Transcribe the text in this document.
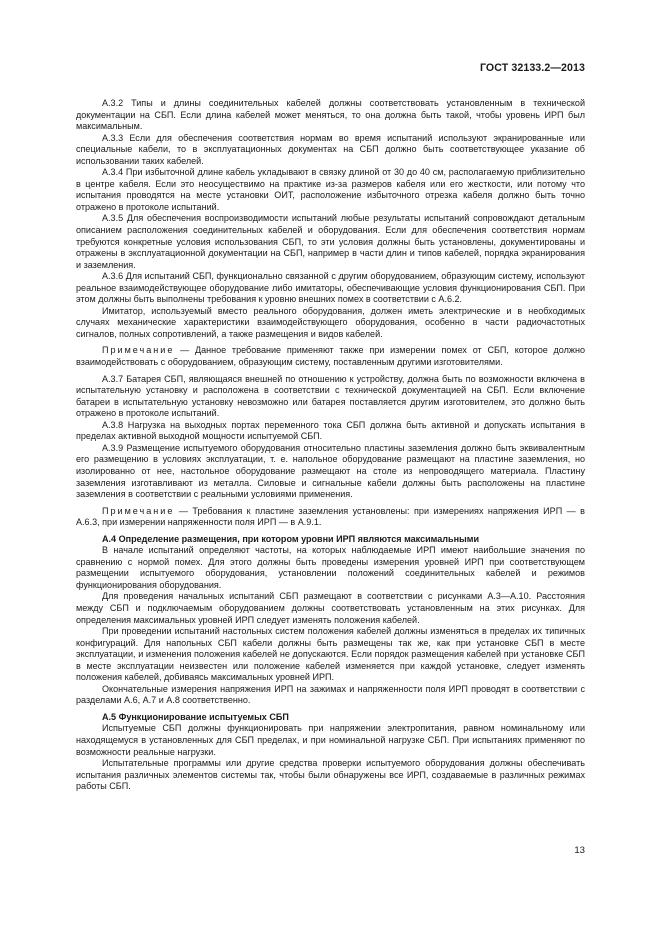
ГОСТ 32133.2—2013

А.3.2 Типы и длины соединительных кабелей должны соответствовать установленным в технической документации на СБП. Если длина кабелей может меняться, то она должна быть такой, чтобы уровень ИРП был максимальным.

А.3.3 Если для обеспечения соответствия нормам во время испытаний используют экранированные или специальные кабели, то в эксплуатационных документах на СБП должно быть соответствующее указание об использовании таких кабелей.

А.3.4 При избыточной длине кабель укладывают в связку длиной от 30 до 40 см, располагаемую приблизительно в центре кабеля. Если это неосуществимо на практике из-за размеров кабеля или его жесткости, или потому что испытания проводятся на месте установки ОИТ, расположение избыточного отрезка кабеля должно быть точно отражено в протоколе испытаний.

А.3.5 Для обеспечения воспроизводимости испытаний любые результаты испытаний сопровождают детальным описанием расположения соединительных кабелей и оборудования. Если для обеспечения соответствия нормам требуются конкретные условия использования СБП, то эти условия должны быть установлены, документированы и отражены в эксплуатационной документации на СБП, например в части длин и типов кабелей, порядка экранирования и заземления.

А.3.6 Для испытаний СБП, функционально связанной с другим оборудованием, образующим систему, используют реальное взаимодействующее оборудование либо имитаторы, обеспечивающие условия функционирования СБП. При этом должны быть выполнены требования к уровню внешних помех в соответствии с А.6.2.

Имитатор, используемый вместо реального оборудования, должен иметь электрические и в необходимых случаях механические характеристики взаимодействующего оборудования, особенно в части радиочастотных сигналов, полных сопротивлений, а также размещения и видов кабелей.

Примечание — Данное требование применяют также при измерении помех от СБП, которое должно взаимодействовать с оборудованием, образующим систему, поставленным другими изготовителями.

А.3.7 Батарея СБП, являющаяся внешней по отношению к устройству, должна быть по возможности включена в испытательную установку и расположена в соответствии с технической документацией на СБП. Если включение батареи в испытательную установку невозможно или батарея поставляется другим изготовителем, это должно быть отражено в протоколе испытаний.

А.3.8 Нагрузка на выходных портах переменного тока СБП должна быть активной и допускать испытания в пределах активной выходной мощности испытуемой СБП.

А.3.9 Размещение испытуемого оборудования относительно пластины заземления должно быть эквивалентным его размещению в условиях эксплуатации, т. е. напольное оборудование размещают на пластине заземления, но изолированно от нее, настольное оборудование размещают на столе из непроводящего материала. Пластину заземления изготавливают из металла. Силовые и сигнальные кабели должны быть расположены на пластине заземления в соответствии с реальными условиями применения.

Примечание — Требования к пластине заземления установлены: при измерениях напряжения ИРП — в А.6.3, при измерении напряженности поля ИРП — в А.9.1.

А.4 Определение размещения, при котором уровни ИРП являются максимальными

В начале испытаний определяют частоты, на которых наблюдаемые ИРП имеют наибольшие значения по сравнению с нормой помех. Для этого должны быть проведены измерения уровней ИРП при соответствующем размещении испытуемого оборудования, установлении положений соединительных кабелей и режимов функционирования оборудования.

Для проведения начальных испытаний СБП размещают в соответствии с рисунками А.3—А.10. Расстояния между СБП и подключаемым оборудованием должны соответствовать установленным на этих рисунках. Для определения максимальных уровней ИРП следует изменять положения кабелей.

При проведении испытаний настольных систем положения кабелей должны изменяться в пределах их типичных конфигураций. Для напольных СБП кабели должны быть размещены так же, как при установке СБП в месте эксплуатации, и изменения положения кабелей не допускаются. Если порядок размещения кабелей при установке СБП в месте эксплуатации неизвестен или положение кабелей изменяется при каждой установке, следует изменять положения кабелей, добиваясь максимальных уровней ИРП.

Окончательные измерения напряжения ИРП на зажимах и напряженности поля ИРП проводят в соответствии с разделами А.6, А.7 и А.8 соответственно.

А.5 Функционирование испытуемых СБП

Испытуемые СБП должны функционировать при напряжении электропитания, равном номинальному или находящемуся в установленных для СБП пределах, и при номинальной нагрузке СБП. При испытаниях применяют по возможности реальные нагрузки.

Испытательные программы или другие средства проверки испытуемого оборудования должны обеспечивать испытания различных элементов системы так, чтобы были обнаружены все ИРП, создаваемые в различных режимах работы СБП.

13
